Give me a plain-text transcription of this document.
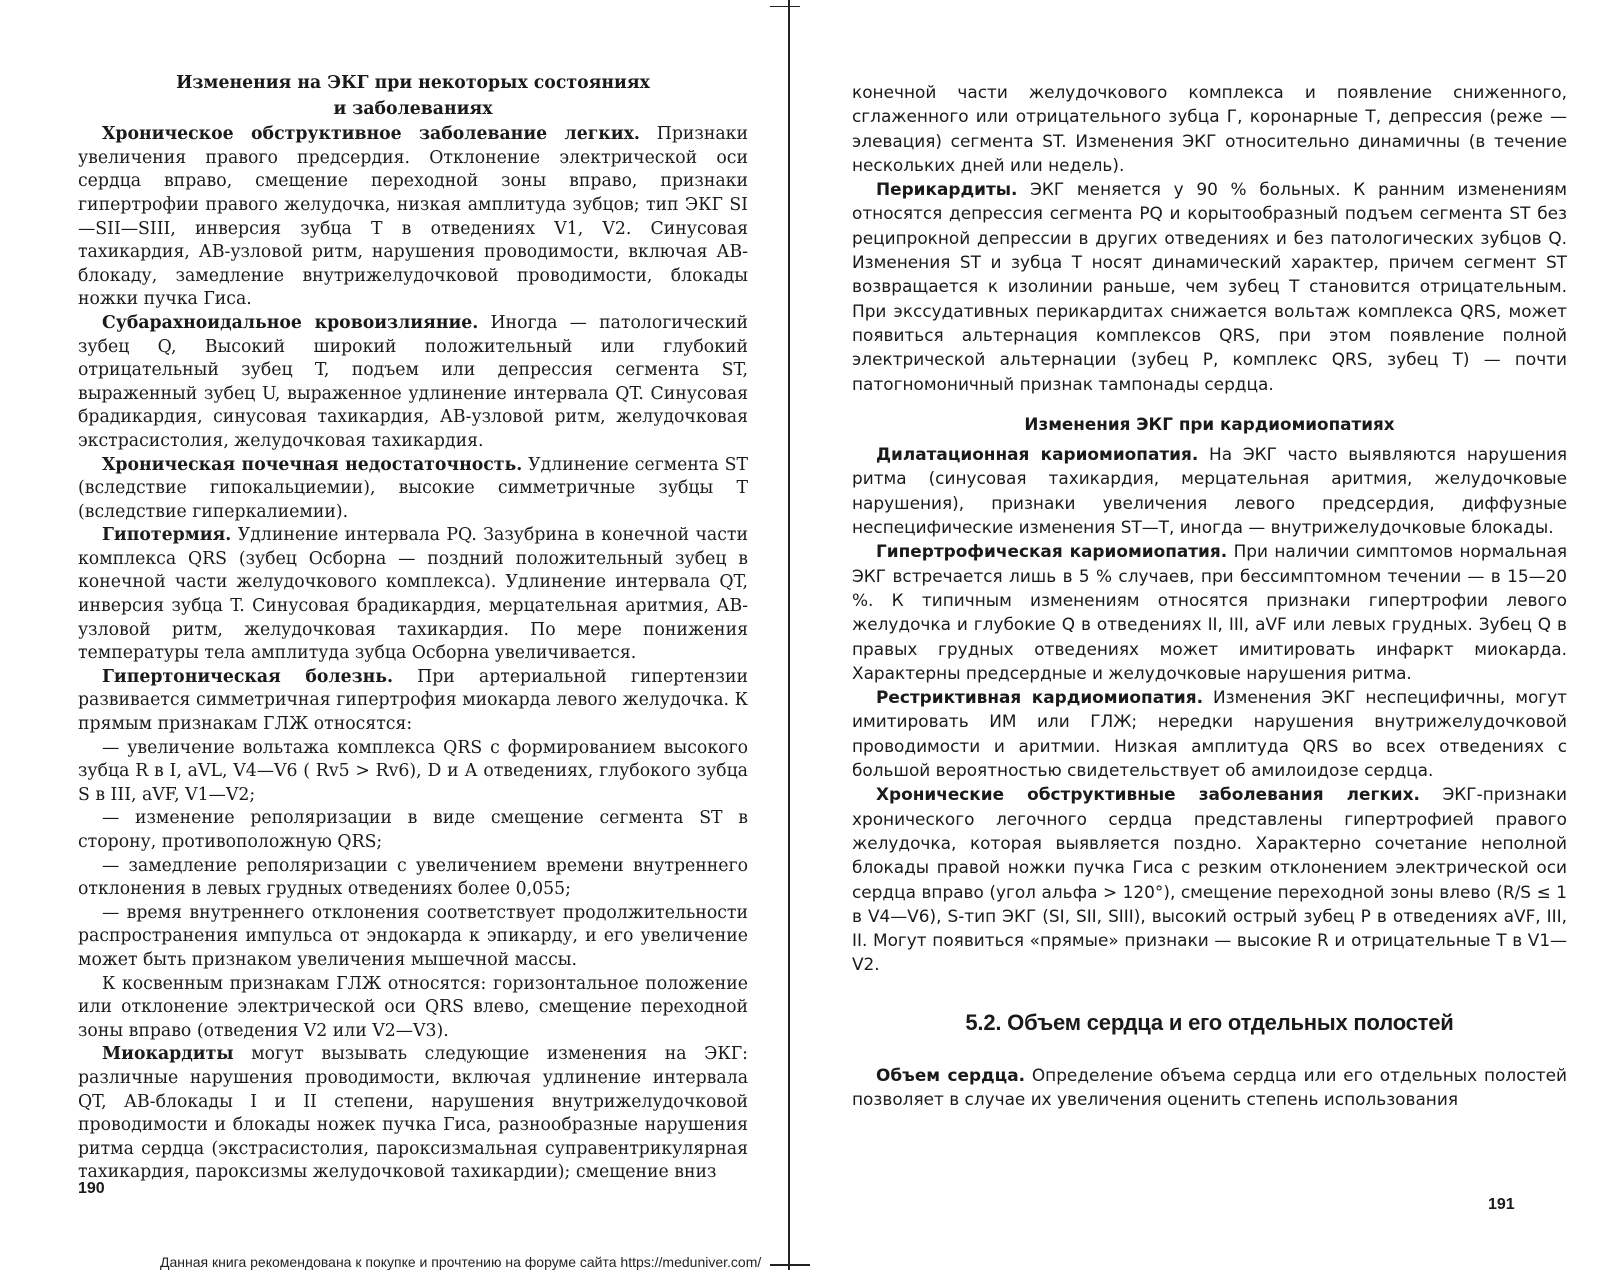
Изменения на ЭКГ при некоторых состояниях
и заболеваниях

Хроническое обструктивное заболевание легких. Признаки увеличения правого предсердия. Отклонение электрической оси сердца вправо, смещение переходной зоны вправо, признаки гипертрофии правого желудочка, низкая амплитуда зубцов; тип ЭКГ SI—SII—SIII, инверсия зубца T в отведениях V1, V2. Синусовая тахикардия, АВ-узловой ритм, нарушения проводимости, включая АВ-блокаду, замедление внутрижелудочковой проводимости, блокады ножки пучка Гиса.

Субарахноидальное кровоизлияние. Иногда — патологический зубец Q, Высокий широкий положительный или глубокий отрицательный зубец T, подъем или депрессия сегмента ST, выраженный зубец U, выраженное удлинение интервала QT. Синусовая брадикардия, синусовая тахикардия, АВ-узловой ритм, желудочковая экстрасистолия, желудочковая тахикардия.

Хроническая почечная недостаточность. Удлинение сегмента ST (вследствие гипокальциемии), высокие симметричные зубцы T (вследствие гиперкалиемии).

Гипотермия. Удлинение интервала PQ. Зазубрина в конечной части комплекса QRS (зубец Осборна — поздний положительный зубец в конечной части желудочкового комплекса). Удлинение интервала QT, инверсия зубца T. Синусовая брадикардия, мерцательная аритмия, АВ-узловой ритм, желудочковая тахикардия. По мере понижения температуры тела амплитуда зубца Осборна увеличивается.

Гипертоническая болезнь. При артериальной гипертензии развивается симметричная гипертрофия миокарда левого желудочка. К прямым признакам ГЛЖ относятся:

— увеличение вольтажа комплекса QRS с формированием высокого зубца R в I, aVL, V4—V6 ( Rv5 > Rv6), D и А отведениях, глубокого зубца S в III, aVF, V1—V2;

— изменение реполяризации в виде смещение сегмента ST в сторону, противоположную QRS;

— замедление реполяризации с увеличением времени внутреннего отклонения в левых грудных отведениях более 0,055;

— время внутреннего отклонения соответствует продолжительности распространения импульса от эндокарда к эпикарду, и его увеличение может быть признаком увеличения мышечной массы.

К косвенным признакам ГЛЖ относятся: горизонтальное положение или отклонение электрической оси QRS влево, смещение переходной зоны вправо (отведения V2 или V2—V3).

Миокардиты могут вызывать следующие изменения на ЭКГ: различные нарушения проводимости, включая удлинение интервала QT, АВ-блокады I и II степени, нарушения внутрижелудочковой проводимости и блокады ножек пучка Гиса, разнообразные нарушения ритма сердца (экстрасистолия, пароксизмальная суправентрикулярная тахикардия, пароксизмы желудочковой тахикардии); смещение вниз

190
Данная книга рекомендована к покупке и прочтению на форуме сайта https://meduniver.com/

конечной части желудочкового комплекса и появление сниженного, сглаженного или отрицательного зубца Г, коронарные T, депрессия (реже — элевация) сегмента ST. Изменения ЭКГ относительно динамичны (в течение нескольких дней или недель).

Перикардиты. ЭКГ меняется у 90 % больных. К ранним изменениям относятся депрессия сегмента PQ и корытообразный подъем сегмента ST без реципрокной депрессии в других отведениях и без патологических зубцов Q. Изменения ST и зубца T носят динамический характер, причем сегмент ST возвращается к изолинии раньше, чем зубец T становится отрицательным. При экссудативных перикардитах снижается вольтаж комплекса QRS, может появиться альтернация комплексов QRS, при этом появление полной электрической альтернации (зубец P, комплекс QRS, зубец T) — почти патогномоничный признак тампонады сердца.

Изменения ЭКГ при кардиомиопатиях

Дилатационная кариомиопатия. На ЭКГ часто выявляются нарушения ритма (синусовая тахикардия, мерцательная аритмия, желудочковые нарушения), признаки увеличения левого предсердия, диффузные неспецифические изменения ST—T, иногда — внутрижелудочковые блокады.

Гипертрофическая кариомиопатия. При наличии симптомов нормальная ЭКГ встречается лишь в 5 % случаев, при бессимптомном течении — в 15—20 %. К типичным изменениям относятся признаки гипертрофии левого желудочка и глубокие Q в отведениях II, III, aVF или левых грудных. Зубец Q в правых грудных отведениях может имитировать инфаркт миокарда. Характерны предсердные и желудочковые нарушения ритма.

Рестриктивная кардиомиопатия. Изменения ЭКГ неспецифичны, могут имитировать ИМ или ГЛЖ; нередки нарушения внутрижелудочковой проводимости и аритмии. Низкая амплитуда QRS во всех отведениях с большой вероятностью свидетельствует об амилоидозе сердца.

Хронические обструктивные заболевания легких. ЭКГ-признаки хронического легочного сердца представлены гипертрофией правого желудочка, которая выявляется поздно. Характерно сочетание неполной блокады правой ножки пучка Гиса с резким отклонением электрической оси сердца вправо (угол альфа > 120°), смещение переходной зоны влево (R/S ≤ 1 в V4—V6), S-тип ЭКГ (SI, SII, SIII), высокий острый зубец P в отведениях aVF, III, II. Могут появиться «прямые» признаки — высокие R и отрицательные T в V1—V2.

5.2. Объем сердца и его отдельных полостей

Объем сердца. Определение объема сердца или его отдельных полостей позволяет в случае их увеличения оценить степень использования

191
